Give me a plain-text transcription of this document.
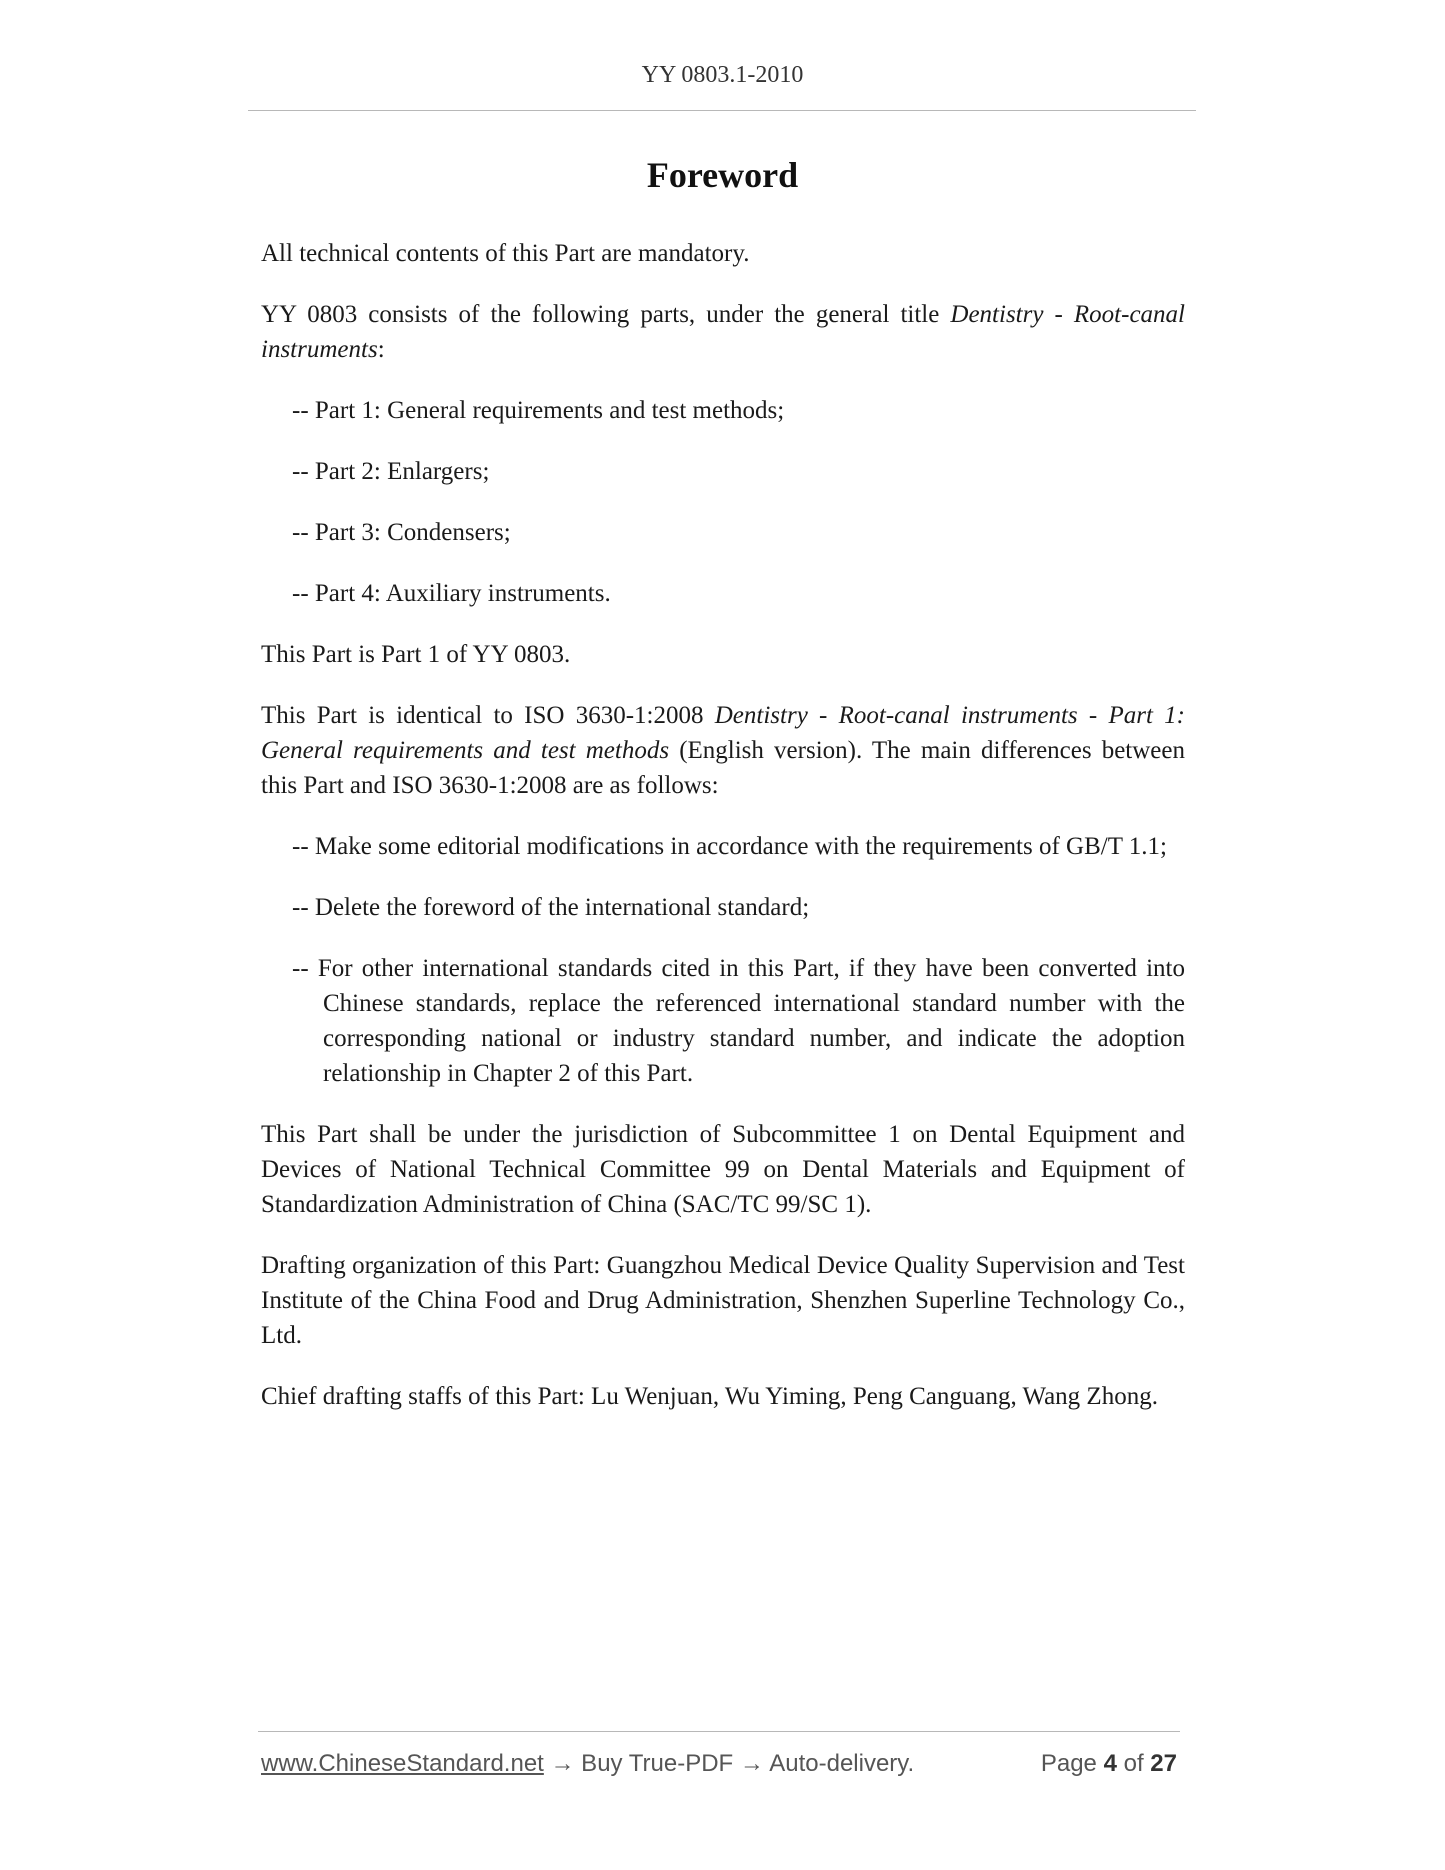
YY 0803.1-2010
Foreword

All technical contents of this Part are mandatory.

YY 0803 consists of the following parts, under the general title Dentistry - Root-canal instruments:

-- Part 1: General requirements and test methods;

-- Part 2: Enlargers;

-- Part 3: Condensers;

-- Part 4: Auxiliary instruments.

This Part is Part 1 of YY 0803.

This Part is identical to ISO 3630-1:2008 Dentistry - Root-canal instruments - Part 1: General requirements and test methods (English version). The main differences between this Part and ISO 3630-1:2008 are as follows:

-- Make some editorial modifications in accordance with the requirements of GB/T 1.1;

-- Delete the foreword of the international standard;

-- For other international standards cited in this Part, if they have been converted into Chinese standards, replace the referenced international standard number with the corresponding national or industry standard number, and indicate the adoption relationship in Chapter 2 of this Part.

This Part shall be under the jurisdiction of Subcommittee 1 on Dental Equipment and Devices of National Technical Committee 99 on Dental Materials and Equipment of Standardization Administration of China (SAC/TC 99/SC 1).

Drafting organization of this Part: Guangzhou Medical Device Quality Supervision and Test Institute of the China Food and Drug Administration, Shenzhen Superline Technology Co., Ltd.

Chief drafting staffs of this Part: Lu Wenjuan, Wu Yiming, Peng Canguang, Wang Zhong.

www.ChineseStandard.net → Buy True-PDF → Auto-delivery.	Page 4 of 27
